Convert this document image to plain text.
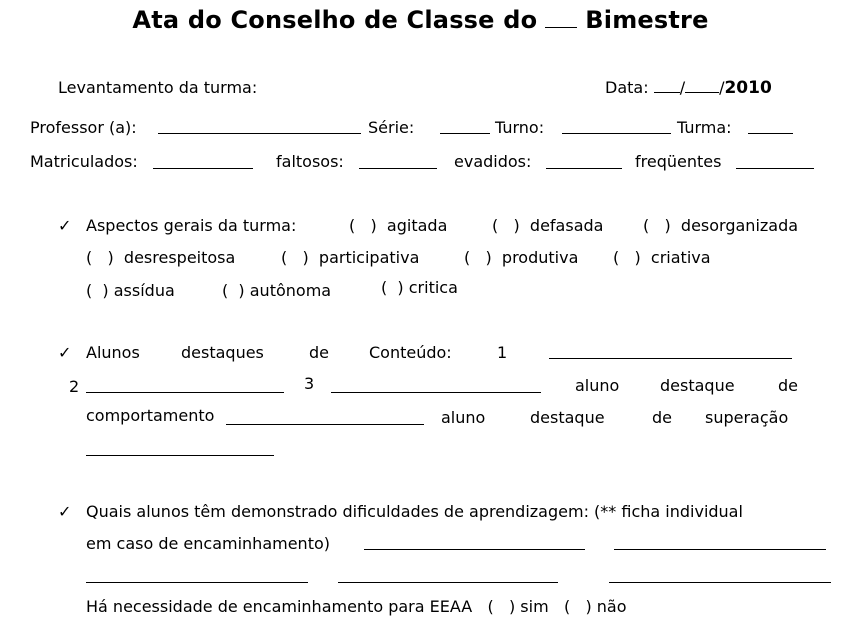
Ata do Conselho de Classe do Bimestre
Levantamento da turma:	Data: / /2010
Professor (a):	Série:	Turno:	Turma:
Matriculados:	faltosos:	evadidos:	freqüentes
✓ Aspectos gerais da turma:	(   )  agitada	(   )  defasada (   )  desorganizada
(   )  desrespeitosa	(   )  participativa	(   )  produtiva (   )  criativa
(  ) assídua	(  ) autônoma	(  ) critica
✓ Alunos	destaques	de	Conteúdo:	1
2	3	aluno	destaque	de
comportamento	aluno	destaque	de superação
✓ Quais alunos têm demonstrado dificuldades de aprendizagem: (** ficha individual
em caso de encaminhamento)
Há necessidade de encaminhamento para EEAA   (   ) sim   (   ) não
